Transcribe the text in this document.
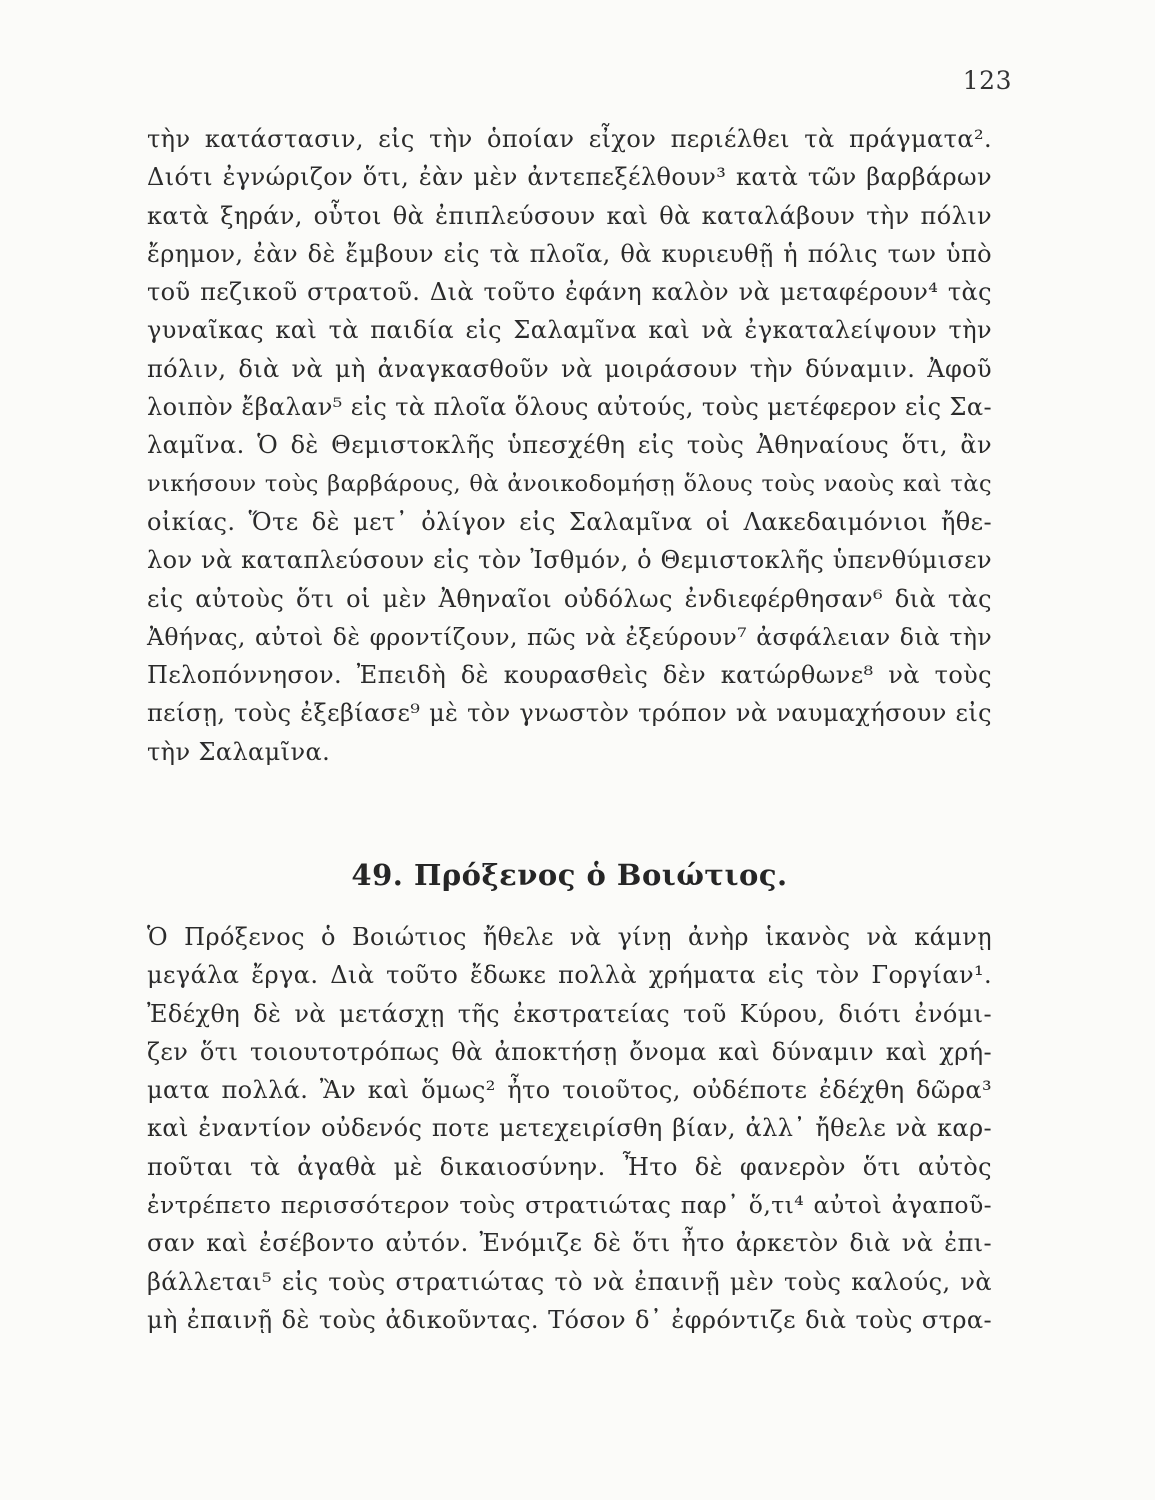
123
τὴν κατάστασιν, εἰς τὴν ὁποίαν εἶχον περιέλθει τὰ πράγματα².
Διότι ἐγνώριζον ὅτι, ἐὰν μὲν ἀντεπεξέλθουν³ κατὰ τῶν βαρβάρων
κατὰ ξηράν, οὗτοι θὰ ἐπιπλεύσουν καὶ θὰ καταλάβουν τὴν πόλιν
ἔρημον, ἐὰν δὲ ἔμβουν εἰς τὰ πλοῖα, θὰ κυριευθῇ ἡ πόλις των ὑπὸ
τοῦ πεζικοῦ στρατοῦ. Διὰ τοῦτο ἐφάνη καλὸν νὰ μεταφέρουν⁴ τὰς
γυναῖκας καὶ τὰ παιδία εἰς Σαλαμῖνα καὶ νὰ ἐγκαταλείψουν τὴν
πόλιν, διὰ νὰ μὴ ἀναγκασθοῦν νὰ μοιράσουν τὴν δύναμιν. Ἀφοῦ
λοιπὸν ἔβαλαν⁵ εἰς τὰ πλοῖα ὅλους αὐτούς, τοὺς μετέφερον εἰς Σα-
λαμῖνα. Ὁ δὲ Θεμιστοκλῆς ὑπεσχέθη εἰς τοὺς Ἀθηναίους ὅτι, ἂν
νικήσουν τοὺς βαρβάρους, θὰ ἀνοικοδομήσῃ ὅλους τοὺς ναοὺς καὶ τὰς
οἰκίας. Ὅτε δὲ μετ᾽ ὀλίγον εἰς Σαλαμῖνα οἱ Λακεδαιμόνιοι ἤθε-
λον νὰ καταπλεύσουν εἰς τὸν Ἰσθμόν, ὁ Θεμιστοκλῆς ὑπενθύμισεν
εἰς αὐτοὺς ὅτι οἱ μὲν Ἀθηναῖοι οὐδόλως ἐνδιεφέρθησαν⁶ διὰ τὰς
Ἀθήνας, αὐτοὶ δὲ φροντίζουν, πῶς νὰ ἐξεύρουν⁷ ἀσφάλειαν διὰ τὴν
Πελοπόννησον. Ἐπειδὴ δὲ κουρασθεὶς δὲν κατώρθωνε⁸ νὰ τοὺς
πείσῃ, τοὺς ἐξεβίασε⁹ μὲ τὸν γνωστὸν τρόπον νὰ ναυμαχήσουν εἰς
τὴν Σαλαμῖνα.
49. Πρόξενος ὁ Βοιώτιος.
Ὁ Πρόξενος ὁ Βοιώτιος ἤθελε νὰ γίνῃ ἀνὴρ ἱκανὸς νὰ κάμνῃ
μεγάλα ἔργα. Διὰ τοῦτο ἔδωκε πολλὰ χρήματα εἰς τὸν Γοργίαν¹.
Ἐδέχθη δὲ νὰ μετάσχῃ τῆς ἐκστρατείας τοῦ Κύρου, διότι ἐνόμι-
ζεν ὅτι τοιουτοτρόπως θὰ ἀποκτήσῃ ὄνομα καὶ δύναμιν καὶ χρή-
ματα πολλά. Ἂν καὶ ὅμως² ἦτο τοιοῦτος, οὐδέποτε ἐδέχθη δῶρα³
καὶ ἐναντίον οὐδενός ποτε μετεχειρίσθη βίαν, ἀλλ᾽ ἤθελε νὰ καρ-
ποῦται τὰ ἀγαθὰ μὲ δικαιοσύνην. Ἦτο δὲ φανερὸν ὅτι αὐτὸς
ἐντρέπετο περισσότερον τοὺς στρατιώτας παρ᾽ ὅ,τι⁴ αὐτοὶ ἀγαποῦ-
σαν καὶ ἐσέβοντο αὐτόν. Ἐνόμιζε δὲ ὅτι ἦτο ἀρκετὸν διὰ νὰ ἐπι-
βάλλεται⁵ εἰς τοὺς στρατιώτας τὸ νὰ ἐπαινῇ μὲν τοὺς καλούς, νὰ
μὴ ἐπαινῇ δὲ τοὺς ἀδικοῦντας. Τόσον δ᾽ ἐφρόντιζε διὰ τοὺς στρα-
